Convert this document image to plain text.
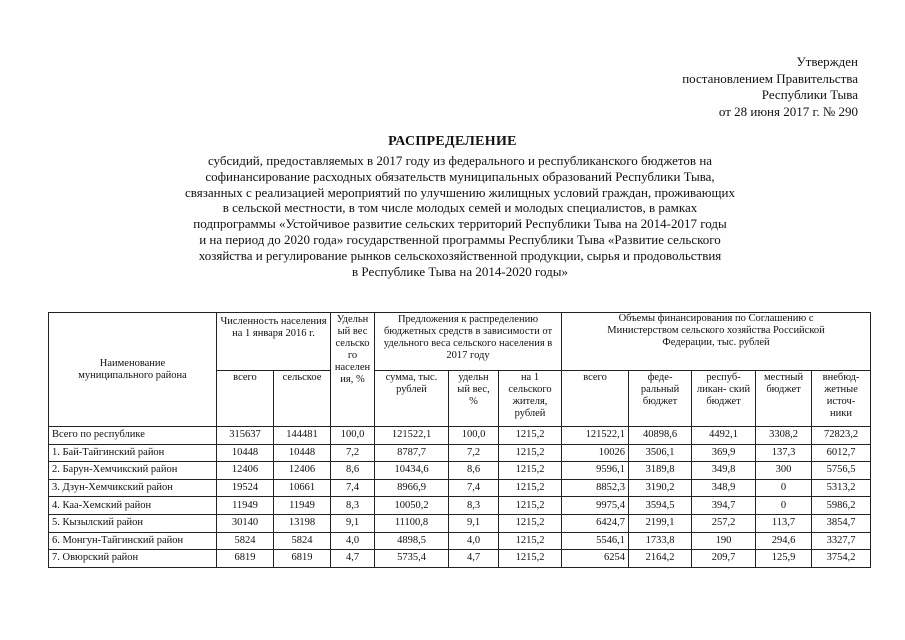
Утвержден
постановлением Правительства
Республики Тыва
от 28 июня 2017 г. № 290
РАСПРЕДЕЛЕНИЕ
субсидий, предоставляемых в 2017 году из федерального и республиканского бюджетов на
софинансирование расходных обязательств муниципальных образований Республики Тыва,
связанных с реализацией мероприятий по улучшению жилищных условий граждан, проживающих
в сельской местности, в том числе молодых семей и молодых специалистов, в рамках
подпрограммы «Устойчивое развитие сельских территорий Республики Тыва на 2014-2017 годы
и на период до 2020 года» государственной программы Республики Тыва «Развитие сельского
хозяйства и регулирование рынков сельскохозяйственной продукции, сырья и продовольствия
в Республике Тыва на 2014-2020 годы»
Наименование муниципального района	Численность населения на 1 января 2016 г.		Удельн ый вес сельско го населен ия, %	Предложения к распределению бюджетных средств в зависимости от удельного веса сельского населения в 2017 году			Объемы финансирования по Соглашению с Министерством сельского хозяйства Российской Федерации, тыс. рублей				
	всего	сельское		сумма, тыс. рублей	удельн ый вес, %	на 1 сельского жителя, рублей	всего	феде- ральный бюджет	респуб- ликан- ский бюджет	местный бюджет	внебюд- жетные источ- ники
Всего по республике	315637	144481	100,0	121522,1	100,0	1215,2	121522,1	40898,6	4492,1	3308,2	72823,2
1. Бай-Тайгинский район	10448	10448	7,2	8787,7	7,2	1215,2	10026	3506,1	369,9	137,3	6012,7
2. Барун-Хемчикский район	12406	12406	8,6	10434,6	8,6	1215,2	9596,1	3189,8	349,8	300	5756,5
3. Дзун-Хемчикский район	19524	10661	7,4	8966,9	7,4	1215,2	8852,3	3190,2	348,9	0	5313,2
4. Каа-Хемский район	11949	11949	8,3	10050,2	8,3	1215,2	9975,4	3594,5	394,7	0	5986,2
5. Кызылский район	30140	13198	9,1	11100,8	9,1	1215,2	6424,7	2199,1	257,2	113,7	3854,7
6. Монгун-Тайгинский район	5824	5824	4,0	4898,5	4,0	1215,2	5546,1	1733,8	190	294,6	3327,7
7. Овюрский район	6819	6819	4,7	5735,4	4,7	1215,2	6254	2164,2	209,7	125,9	3754,2
